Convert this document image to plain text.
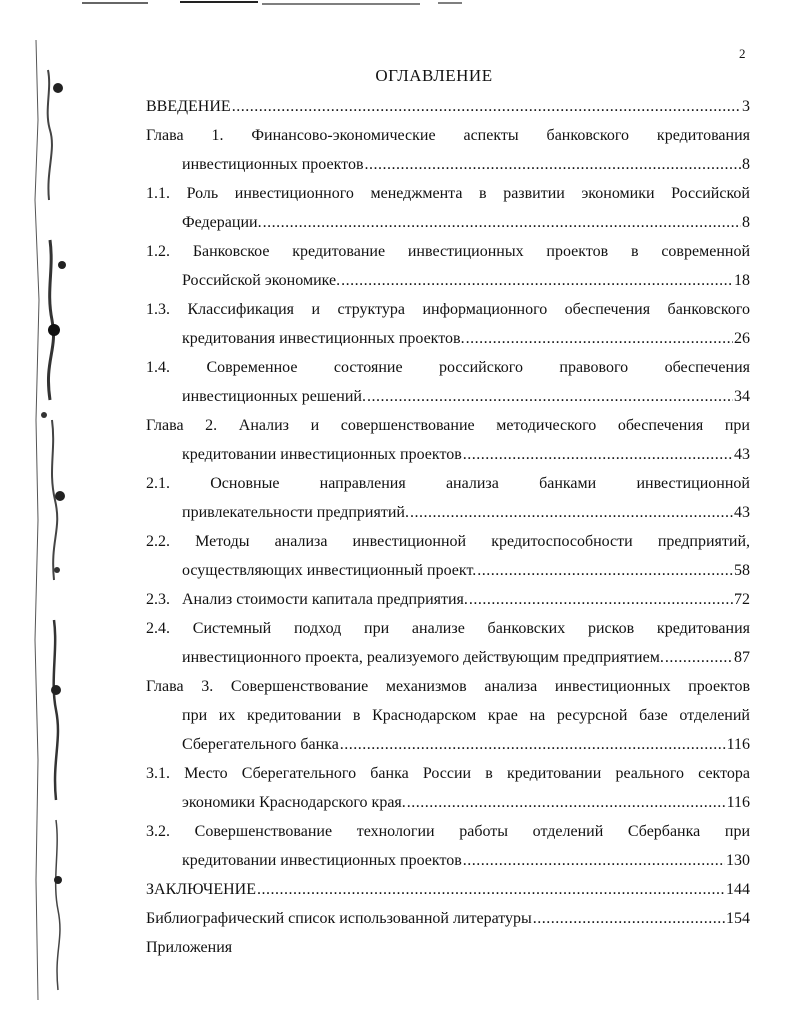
2
ОГЛАВЛЕНИЕ
ВВЕДЕНИЕ .....	3
Глава 1. Финансово-экономические аспекты банковского кредитования
инвестиционных проектов .....	8
1.1. Роль инвестиционного менеджмента в развитии экономики Российской
Федерации. .....	8
1.2. Банковское кредитование инвестиционных проектов в современной
Российской экономике. .....	18
1.3. Классификация и структура информационного обеспечения банковского
кредитования инвестиционных проектов. .....	26
1.4. Современное состояние российского правового обеспечения
инвестиционных решений. .....	34
Глава 2. Анализ и совершенствование методического обеспечения при
кредитовании инвестиционных проектов .....	43
2.1.	Основные направления анализа банками инвестиционной
привлекательности предприятий. .....	43
2.2. Методы анализа инвестиционной кредитоспособности предприятий,
осуществляющих инвестиционный проект. .....	58
2.3. Анализ стоимости капитала предприятия. .....	72
2.4. Системный подход при анализе банковских рисков кредитования
инвестиционного проекта, реализуемого действующим предприятием. .....	87
Глава 3. Совершенствование механизмов анализа инвестиционных проектов
при их кредитовании в Краснодарском крае на ресурсной базе отделений
Сберегательного банка .....	116
3.1. Место Сберегательного банка России в кредитовании реального сектора
экономики Краснодарского края. .....	116
3.2. Совершенствование технологии работы отделений Сбербанка при
кредитовании инвестиционных проектов .....	130
ЗАКЛЮЧЕНИЕ .....	144
Библиографический список использованной литературы .....	154
Приложения
